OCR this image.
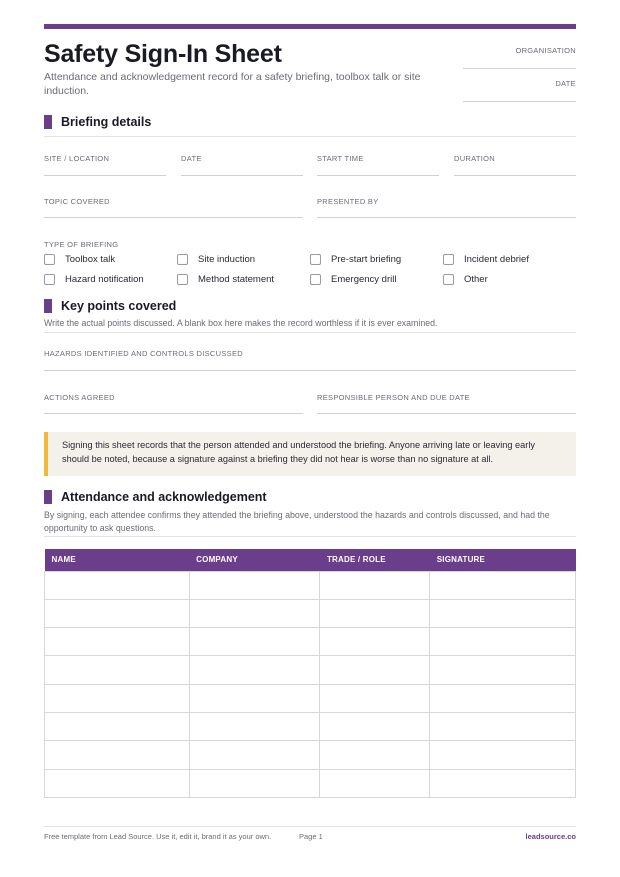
Safety Sign-In Sheet
Attendance and acknowledgement record for a safety briefing, toolbox talk or site induction.
ORGANISATION
DATE
Briefing details
SITE / LOCATION	DATE	START TIME	DURATION
TOPIC COVERED	PRESENTED BY
TYPE OF BRIEFING
Toolbox talk	Site induction	Pre-start briefing	Incident debrief
Hazard notification	Method statement	Emergency drill	Other
Key points covered
Write the actual points discussed. A blank box here makes the record worthless if it is ever examined.
HAZARDS IDENTIFIED AND CONTROLS DISCUSSED
ACTIONS AGREED	RESPONSIBLE PERSON AND DUE DATE

Signing this sheet records that the person attended and understood the briefing. Anyone arriving late or leaving early should be noted, because a signature against a briefing they did not hear is worse than no signature at all.

Attendance and acknowledgement
By signing, each attendee confirms they attended the briefing above, understood the hazards and controls discussed, and had the opportunity to ask questions.
NAME	COMPANY	TRADE / ROLE	SIGNATURE

Free template from Lead Source. Use it, edit it, brand it as your own.	Page 1	leadsource.co
